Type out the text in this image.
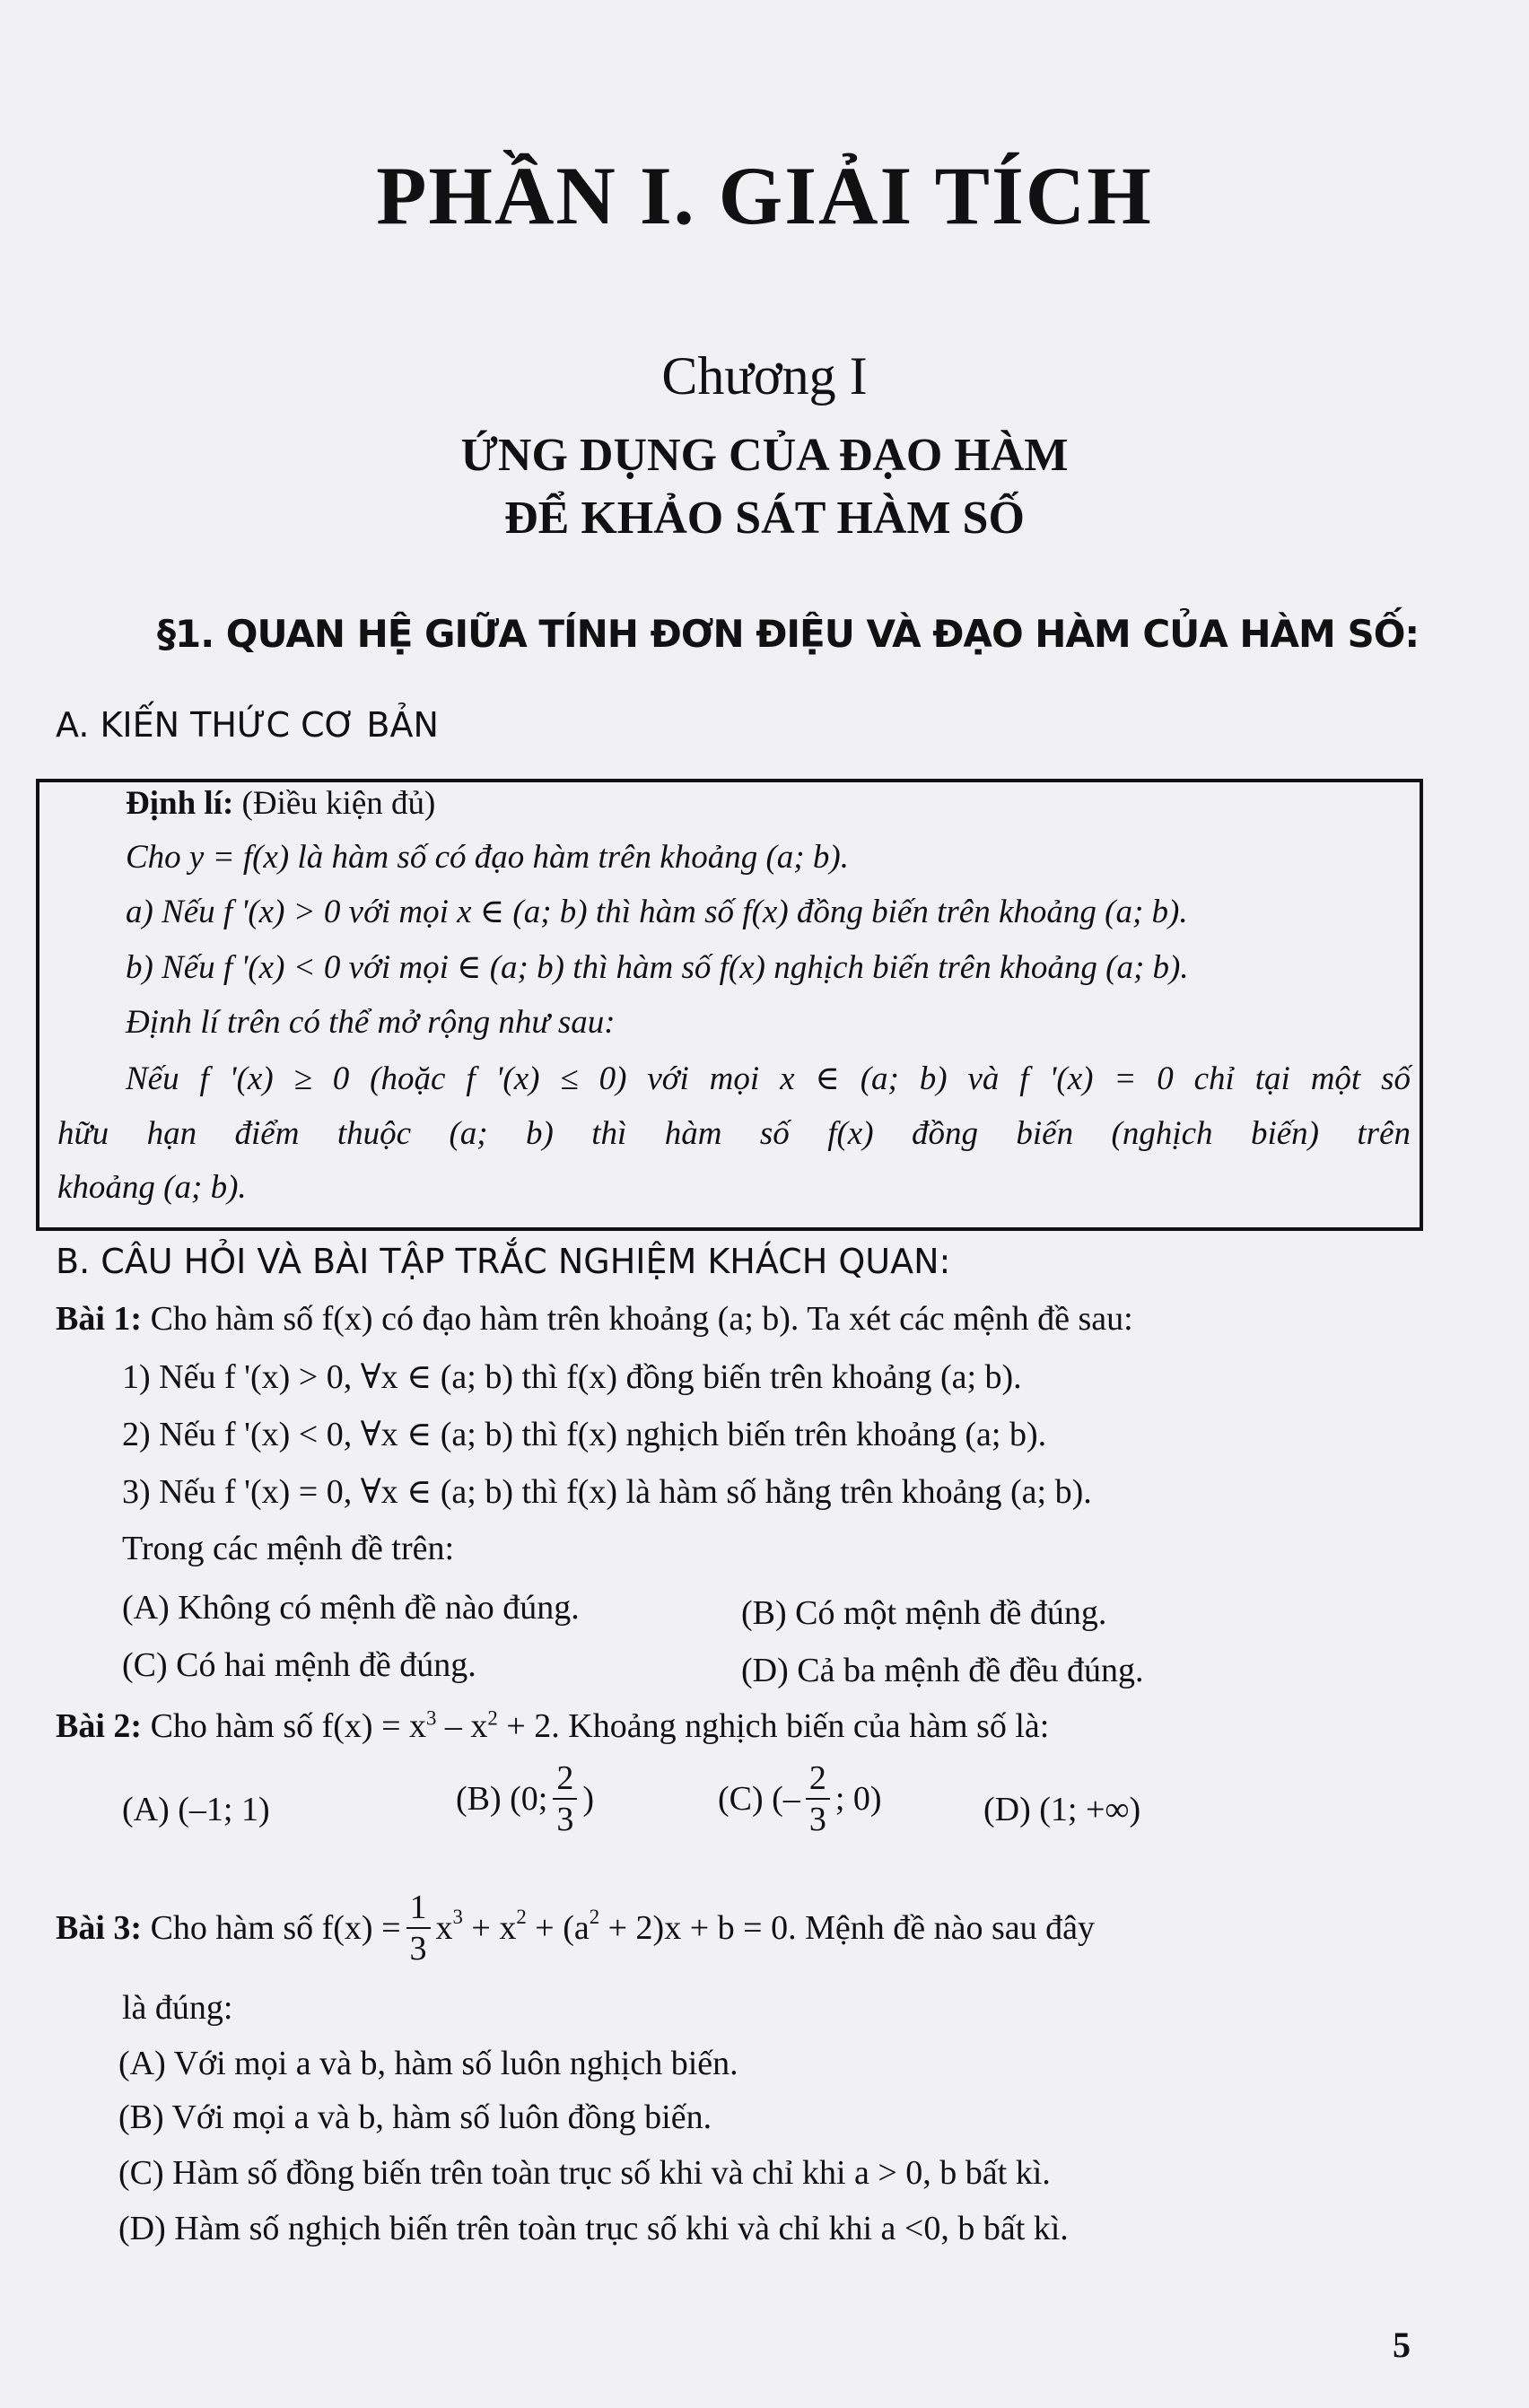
PHẦN I. GIẢI TÍCH
Chương I
ỨNG DỤNG CỦA ĐẠO HÀM
ĐỂ KHẢO SÁT HÀM SỐ
§1. QUAN HỆ GIỮA TÍNH ĐƠN ĐIỆU VÀ ĐẠO HÀM CỦA HÀM SỐ:
A. KIẾN THỨC CƠ BẢN
Định lí: (Điều kiện đủ)
Cho y = f(x) là hàm số có đạo hàm trên khoảng (a; b).
a) Nếu f '(x) > 0 với mọi x ∈ (a; b) thì hàm số f(x) đồng biến trên khoảng (a; b).
b) Nếu f '(x) < 0 với mọi ∈ (a; b) thì hàm số f(x) nghịch biến trên khoảng (a; b).
Định lí trên có thể mở rộng như sau:
Nếu f '(x) ≥ 0 (hoặc f '(x) ≤ 0) với mọi x ∈ (a; b) và f '(x) = 0 chỉ tại một số
hữu hạn điểm thuộc (a; b) thì hàm số f(x) đồng biến (nghịch biến) trên
khoảng (a; b).
B. CÂU HỎI VÀ BÀI TẬP TRẮC NGHIỆM KHÁCH QUAN:
Bài 1: Cho hàm số f(x) có đạo hàm trên khoảng (a; b). Ta xét các mệnh đề sau:
1) Nếu f '(x) > 0, ∀x ∈ (a; b) thì f(x) đồng biến trên khoảng (a; b).
2) Nếu f '(x) < 0, ∀x ∈ (a; b) thì f(x) nghịch biến trên khoảng (a; b).
3) Nếu f '(x) = 0, ∀x ∈ (a; b) thì f(x) là hàm số hằng trên khoảng (a; b).
Trong các mệnh đề trên:
(A) Không có mệnh đề nào đúng.	(B) Có một mệnh đề đúng.
(C) Có hai mệnh đề đúng.	(D) Cả ba mệnh đề đều đúng.
Bài 2: Cho hàm số $f(x) = x^3 - x^2 + 2$. Khoảng nghịch biến của hàm số là:
(A) (–1; 1)	(B) (0; $\frac{2}{3}$ )	(C) (– $\frac{2}{3}$ ; 0)	(D) (1; +∞)
Bài 3: Cho hàm số $f(x) = \frac{1}{3} x^3 + x^2 + (a^2 + 2)x + b = 0$. Mệnh đề nào sau đây
là đúng:
(A) Với mọi a và b, hàm số luôn nghịch biến.
(B) Với mọi a và b, hàm số luôn đồng biến.
(C) Hàm số đồng biến trên toàn trục số khi và chỉ khi a > 0, b bất kì.
(D) Hàm số nghịch biến trên toàn trục số khi và chỉ khi a <0, b bất kì.
5
